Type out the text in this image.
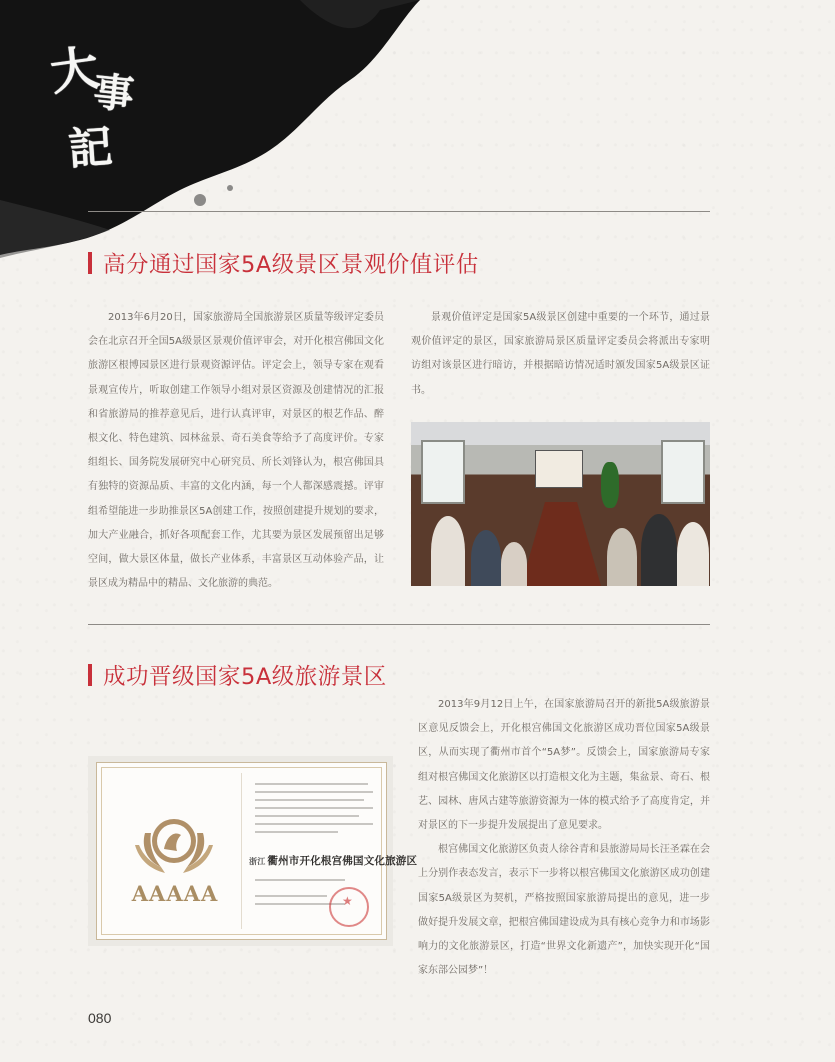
大
事
記
高分通过国家5A级景区景观价值评估

2013年6月20日，国家旅游局全国旅游景区质量等级评定委员会在北京召开全国5A级景区景观价值评审会，对开化根宫佛国文化旅游区根博园景区进行景观资源评估。评定会上，领导专家在观看景观宣传片，听取创建工作领导小组对景区资源及创建情况的汇报和省旅游局的推荐意见后，进行认真评审，对景区的根艺作品、醉根文化、特色建筑、园林盆景、奇石美食等给予了高度评价。专家组组长、国务院发展研究中心研究员、所长刘锋认为，根宫佛国具有独特的资源品质、丰富的文化内涵，每一个人都深感震撼。评审组希望能进一步助推景区5A创建工作，按照创建提升规划的要求，加大产业融合，抓好各项配套工作，尤其要为景区发展预留出足够空间，做大景区体量，做长产业体系，丰富景区互动体验产品，让景区成为精品中的精品、文化旅游的典范。

景观价值评定是国家5A级景区创建中重要的一个环节，通过景观价值评定的景区，国家旅游局景区质量评定委员会将派出专家明访组对该景区进行暗访，并根据暗访情况适时颁发国家5A级景区证书。

成功晋级国家5A级旅游景区

2013年9月12日上午，在国家旅游局召开的新批5A级旅游景区意见反馈会上，开化根宫佛国文化旅游区成功晋位国家5A级景区，从而实现了衢州市首个“5A梦”。反馈会上，国家旅游局专家组对根宫佛国文化旅游区以打造根文化为主题，集盆景、奇石、根艺、园林、唐风古建等旅游资源为一体的模式给予了高度肯定，并对景区的下一步提升发展提出了意见要求。

根宫佛国文化旅游区负责人徐谷青和县旅游局局长汪圣឵霖在会上分别作表态发言，表示下一步将以根宫佛国文化旅游区成功创建国家5A级景区为契机，严格按照国家旅游局提出的意见，进一步做好提升发展文章，把根宫佛国建设成为具有核心竞争力和市场影响力的文化旅游景区，打造“世界文化新遗产”，加快实现开化“国家东部公园梦”！

AAAAA
浙江 衢州市开化根宫佛国文化旅游区
★
080
